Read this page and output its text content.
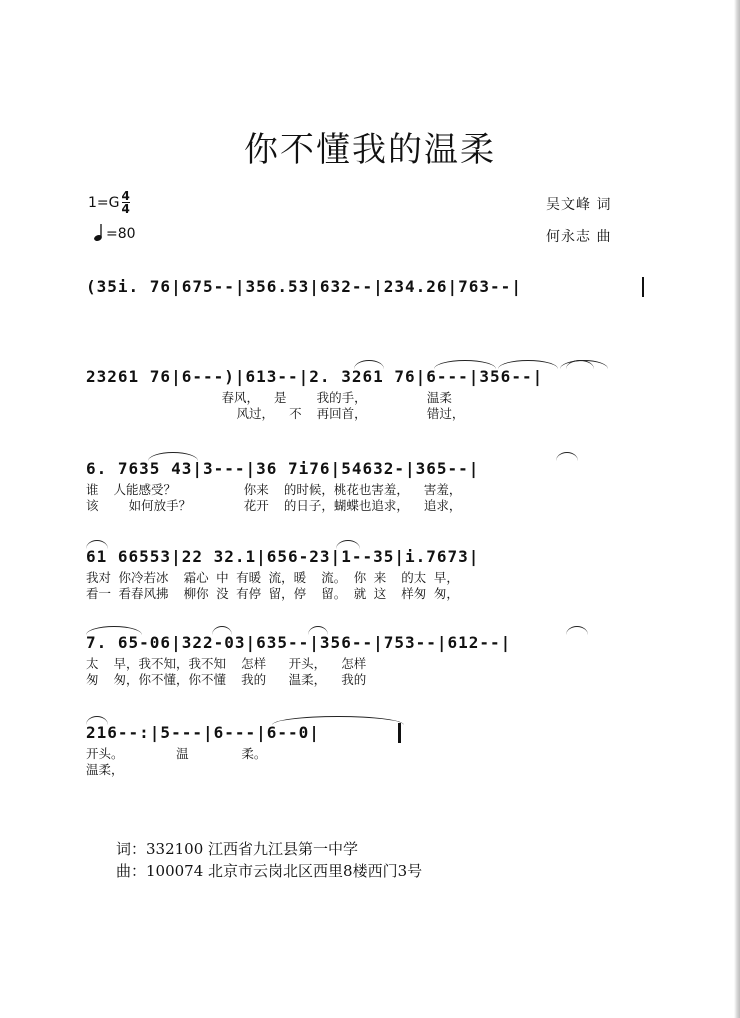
你不懂我的温柔
$1=G \frac{4}{4}$
=80
吴文峰 词
何永志 曲
(35i. 76|675--|356.53|632--|234.26|763--|
23261 76|6---)|613--|2. 3261 76|6---|356--|
春风，  是    我的手，        温柔
风过，  不  再回首，        错过，
6. 7635 43|3---|36 7i76|54632-|365--|
谁  人能感受？         你来  的时候，桃花也害羞，  害羞，
该    如何放手？       花开  的日子，蝴蝶也追求，  追求，
61 66553|22 32.1|656-23|1--35|i.7673|
我对 你冷若冰  霜心 中 有暖 流，暖  流。 你 来  的太 早，
看一 看春风拂  柳你 没 有停 留，停  留。 就 这  样匆 匆，
7. 65-06|322-03|635--|356--|753--|612--|
太  早，我不知，我不知  怎样   开头，  怎样
匆  匆，你不懂，你不懂  我的   温柔，  我的
216--:|5---|6---|6--0|
开头。       温       柔。
温柔，
词：332100 江西省九江县第一中学
曲：100074 北京市云岗北区西里8楼西门3号
